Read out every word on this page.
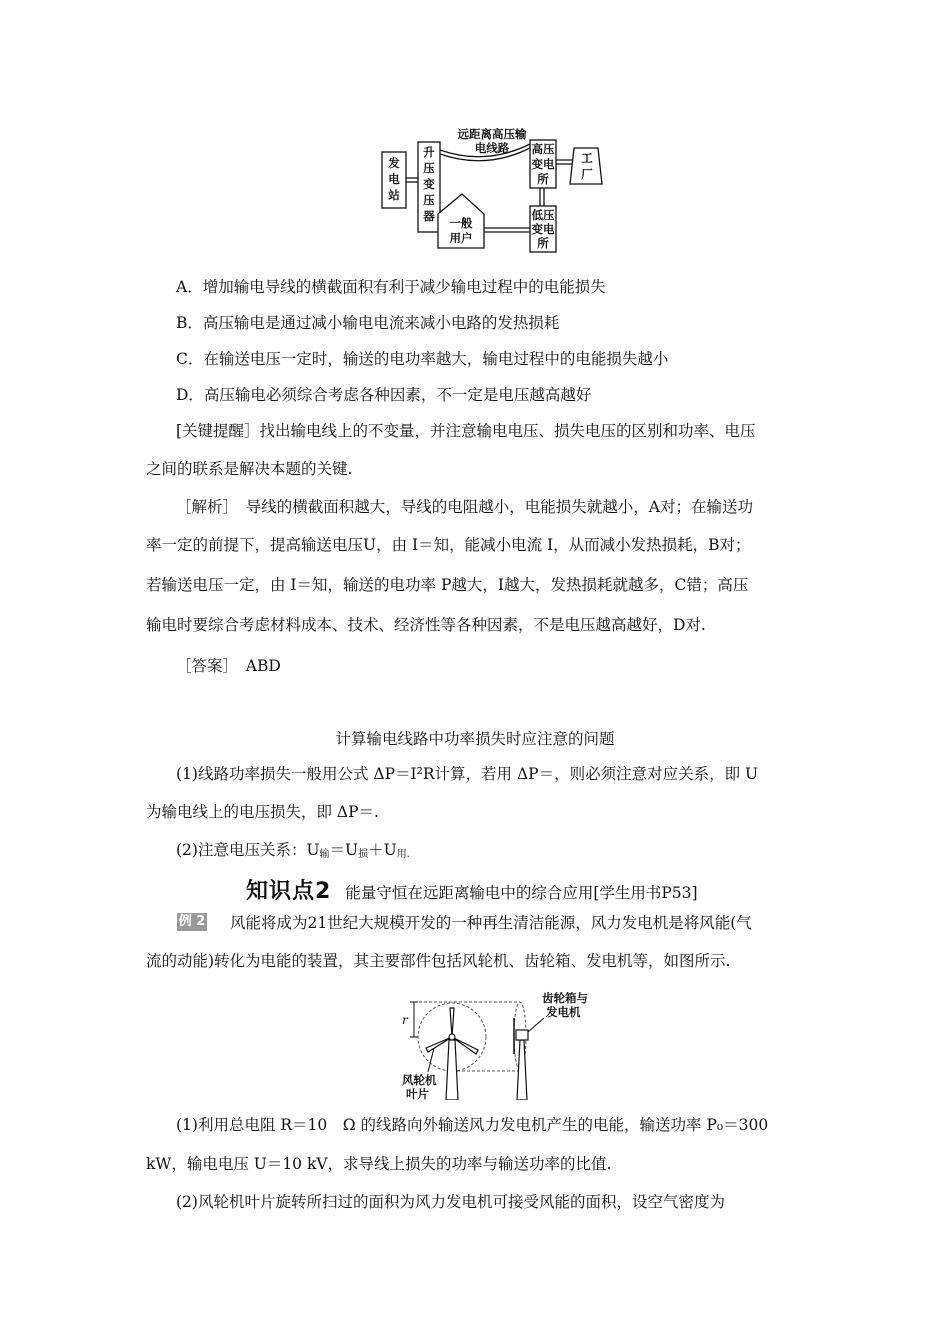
远距离高压输
电线路
发
电
站
升
压
变
压
器
高压
变电
所
工
厂
低压
变电
所
一般
用户
A．增加输电导线的横截面积有利于减少输电过程中的电能损失
B．高压输电是通过减小输电电流来减小电路的发热损耗
C．在输送电压一定时，输送的电功率越大，输电过程中的电能损失越小
D．高压输电必须综合考虑各种因素，不一定是电压越高越好
[关键提醒］找出输电线上的不变量，并注意输电电压、损失电压的区别和功率、电压
之间的联系是解决本题的关键.
［解析］　导线的横截面积越大，导线的电阻越小，电能损失就越小，A对；在输送功
率一定的前提下，提高输送电压U，由 I＝知，能减小电流 I，从而减小发热损耗，B对；
若输送电压一定，由 I＝知，输送的电功率 P越大，I越大，发热损耗就越多，C错；高压
输电时要综合考虑材料成本、技术、经济性等各种因素，不是电压越高越好，D对.
［答案］　ABD
计算输电线路中功率损失时应注意的问题
(1)线路功率损失一般用公式 ΔP＝I²R计算，若用 ΔP＝，则必须注意对应关系，即 U
为输电线上的电压损失，即 ΔP＝.
(2)注意电压关系：$U_输=U_损+U_{用.}$
知识点2 能量守恒在远距离输电中的综合应用[学生用书P53]
例 2 风能将成为21世纪大规模开发的一种再生清洁能源，风力发电机是将风能(气
流的动能)转化为电能的装置，其主要部件包括风轮机、齿轮箱、发电机等，如图所示.
r
齿轮箱与
发电机
风轮机
叶片
(1)利用总电阻 R＝10　Ω 的线路向外输送风力发电机产生的电能，输送功率 P₀＝300
kW，输电电压 U＝10 kV，求导线上损失的功率与输送功率的比值.
(2)风轮机叶片旋转所扫过的面积为风力发电机可接受风能的面积，设空气密度为
